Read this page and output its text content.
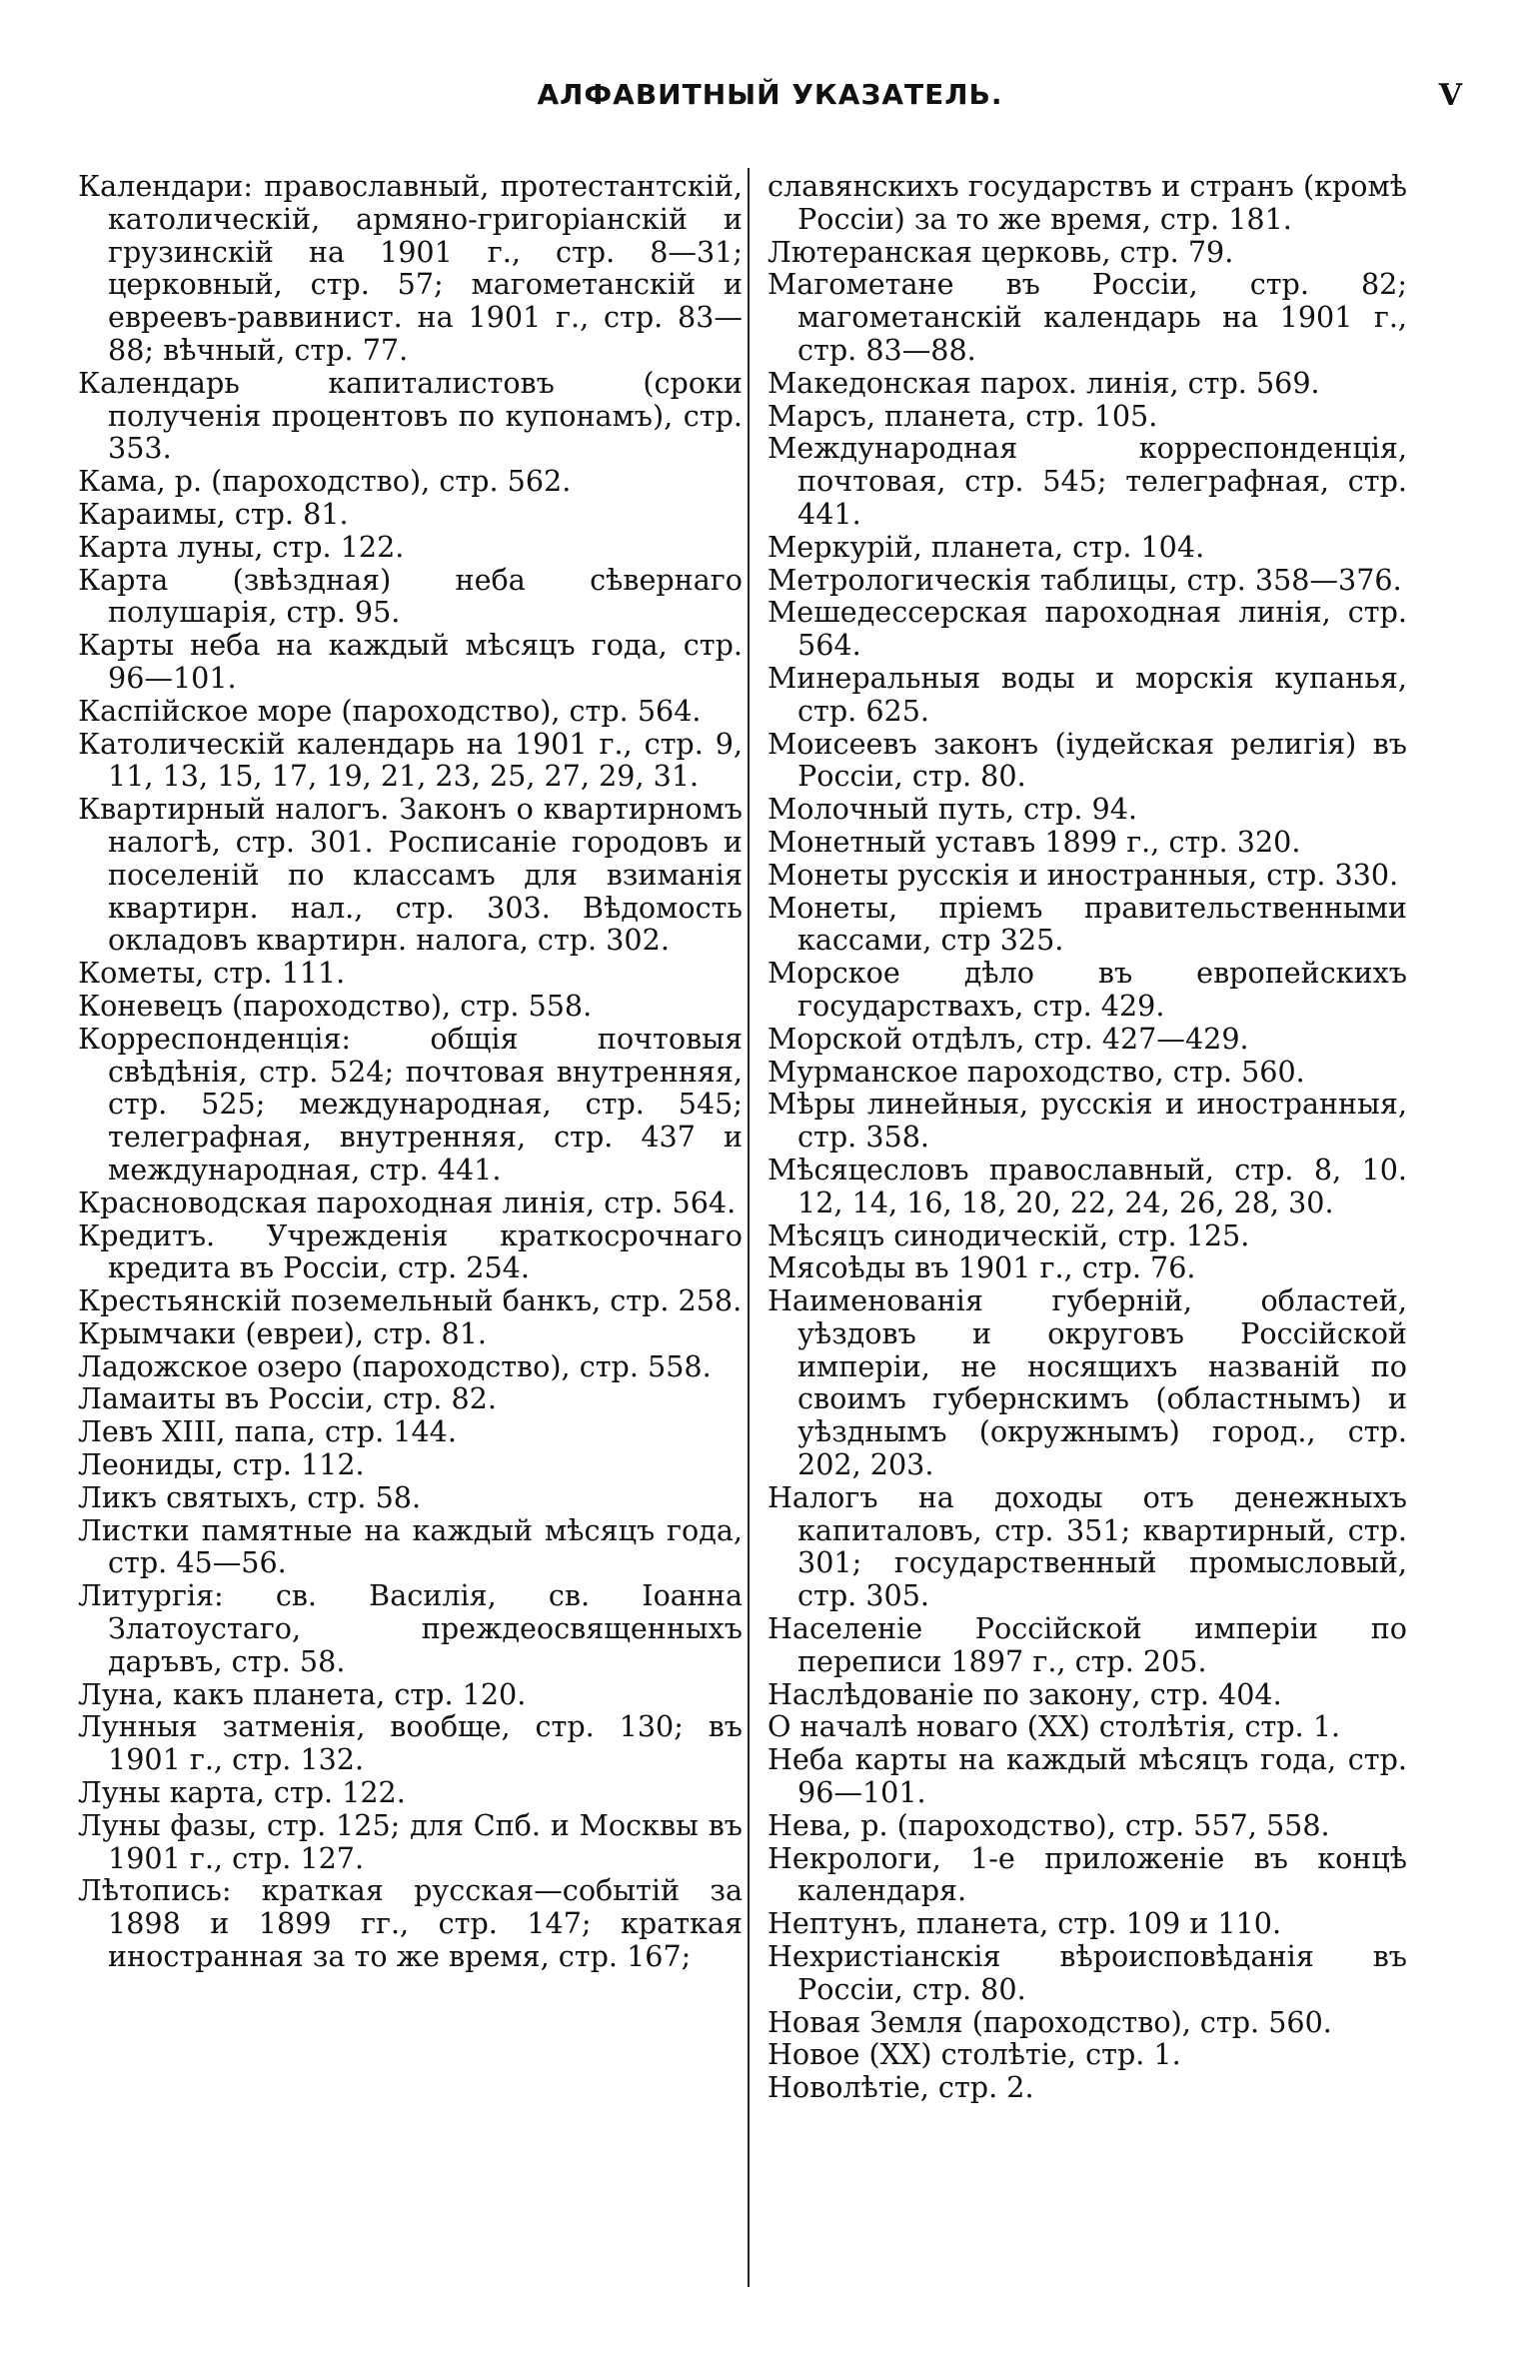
АЛФАВИТНЫЙ УКАЗАТЕЛЬ.	V

Календари: православный, протестантскій, католическій, армяно-григоріанскій и грузинскій на 1901 г., стр. 8—31; церковный, стр. 57; магометанскій и евреевъ-раввинист. на 1901 г., стр. 83—88; вѣчный, стр. 77.

Календарь капиталистовъ (сроки полученія процентовъ по купонамъ), стр. 353.

Кама, р. (пароходство), стр. 562.

Караимы, стр. 81.

Карта луны, стр. 122.

Карта (звѣздная) неба сѣвернаго полушарія, стр. 95.

Карты неба на каждый мѣсяцъ года, стр. 96—101.

Каспійское море (пароходство), стр. 564.

Католическій календарь на 1901 г., стр. 9, 11, 13, 15, 17, 19, 21, 23, 25, 27, 29, 31.

Квартирный налогъ. Законъ о квартирномъ налогѣ, стр. 301. Росписаніе городовъ и поселеній по классамъ для взиманія квартирн. нал., стр. 303. Вѣдомость окладовъ квартирн. налога, стр. 302.

Кометы, стр. 111.

Коневецъ (пароходство), стр. 558.

Корреспонденція: общія почтовыя свѣдѣнія, стр. 524; почтовая внутренняя, стр. 525; международная, стр. 545; телеграфная, внутренняя, стр. 437 и международная, стр. 441.

Красноводская пароходная линія, стр. 564.

Кредитъ. Учрежденія краткосрочнаго кредита въ Россіи, стр. 254.

Крестьянскій поземельный банкъ, стр. 258.

Крымчаки (евреи), стр. 81.

Ладожское озеро (пароходство), стр. 558.

Ламаиты въ Россіи, стр. 82.

Левъ XIII, папа, стр. 144.

Леониды, стр. 112.

Ликъ святыхъ, стр. 58.

Листки памятные на каждый мѣсяцъ года, стр. 45—56.

Литургія: св. Василія, св. Іоанна Златоустаго, преждеосвященныхъ даръвъ, стр. 58.

Луна, какъ планета, стр. 120.

Лунныя затменія, вообще, стр. 130; въ 1901 г., стр. 132.

Луны карта, стр. 122.

Луны фазы, стр. 125; для Спб. и Москвы въ 1901 г., стр. 127.

Лѣтопись: краткая русская—событій за 1898 и 1899 гг., стр. 147; краткая иностранная за то же время, стр. 167;

славянскихъ государствъ и странъ (кромѣ Россіи) за то же время, стр. 181.

Лютеранская церковь, стр. 79.

Магометане въ Россіи, стр. 82; магометанскій календарь на 1901 г., стр. 83—88.

Македонская парох. линія, стр. 569.

Марсъ, планета, стр. 105.

Международная корреспонденція, почтовая, стр. 545; телеграфная, стр. 441.

Меркурій, планета, стр. 104.

Метрологическія таблицы, стр. 358—376.

Мешедессерская пароходная линія, стр. 564.

Минеральныя воды и морскія купанья, стр. 625.

Моисеевъ законъ (іудейская религія) въ Россіи, стр. 80.

Молочный путь, стр. 94.

Монетный уставъ 1899 г., стр. 320.

Монеты русскія и иностранныя, стр. 330.

Монеты, пріемъ правительственными кассами, стр 325.

Морское дѣло въ европейскихъ государствахъ, стр. 429.

Морской отдѣлъ, стр. 427—429.

Мурманское пароходство, стр. 560.

Мѣры линейныя, русскія и иностранныя, стр. 358.

Мѣсяцесловъ православный, стр. 8, 10. 12, 14, 16, 18, 20, 22, 24, 26, 28, 30.

Мѣсяцъ синодическій, стр. 125.

Мясоѣды въ 1901 г., стр. 76.

Наименованія губерній, областей, уѣздовъ и округовъ Россійской имперіи, не носящихъ названій по своимъ губернскимъ (областнымъ) и уѣзднымъ (окружнымъ) город., стр. 202, 203.

Налогъ на доходы отъ денежныхъ капиталовъ, стр. 351; квартирный, стр. 301; государственный промысловый, стр. 305.

Населеніе Россійской имперіи по переписи 1897 г., стр. 205.

Наслѣдованіе по закону, стр. 404.

О началѣ новаго (XX) столѣтія, стр. 1.

Неба карты на каждый мѣсяцъ года, стр. 96—101.

Нева, р. (пароходство), стр. 557, 558.

Некрологи, 1-е приложеніе въ концѣ календаря.

Нептунъ, планета, стр. 109 и 110.

Нехристіанскія вѣроисповѣданія въ Россіи, стр. 80.

Новая Земля (пароходство), стр. 560.

Новое (XX) столѣтіе, стр. 1.

Новолѣтіе, стр. 2.
